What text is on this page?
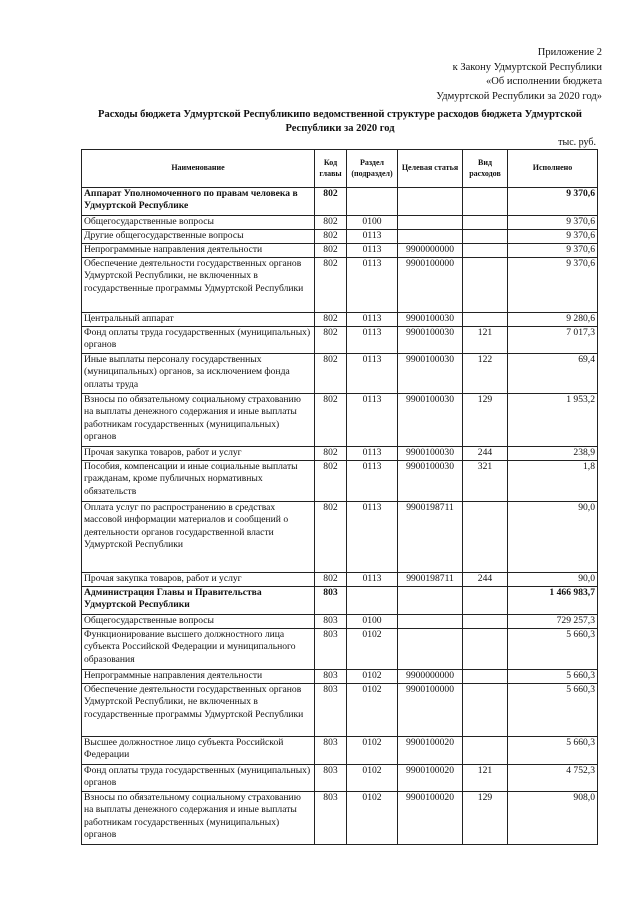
Приложение 2
к Закону Удмуртской Республики
«Об исполнении бюджета
Удмуртской Республики за 2020 год»
Расходы бюджета Удмуртской Республикипо ведомственной структуре расходов бюджета Удмуртской Республики за 2020 год
тыс. руб.
Наименование	Код главы	Раздел (подраздел)	Целевая статья	Вид расходов	Исполнено
Аппарат Уполномоченного по правам человека в Удмуртской Республике	802				9 370,6
Общегосударственные вопросы	802	0100			9 370,6
Другие общегосударственные вопросы	802	0113			9 370,6
Непрограммные направления деятельности	802	0113	9900000000		9 370,6
Обеспечение деятельности государственных органов Удмуртской Республики, не включенных в государственные программы Удмуртской Республики	802	0113	9900100000		9 370,6
Центральный аппарат	802	0113	9900100030		9 280,6
Фонд оплаты труда государственных (муниципальных) органов	802	0113	9900100030	121	7 017,3
Иные выплаты персоналу государственных (муниципальных) органов, за исключением фонда оплаты труда	802	0113	9900100030	122	69,4
Взносы по обязательному социальному страхованию на выплаты денежного содержания и иные выплаты работникам государственных (муниципальных) органов	802	0113	9900100030	129	1 953,2
Прочая закупка товаров, работ и услуг	802	0113	9900100030	244	238,9
Пособия, компенсации и иные социальные выплаты гражданам, кроме публичных нормативных обязательств	802	0113	9900100030	321	1,8
Оплата услуг по распространению в средствах массовой информации материалов и сообщений о деятельности органов государственной власти Удмуртской Республики	802	0113	9900198711		90,0
Прочая закупка товаров, работ и услуг	802	0113	9900198711	244	90,0
Администрация Главы и Правительства Удмуртской Республики	803				1 466 983,7
Общегосударственные вопросы	803	0100			729 257,3
Функционирование высшего должностного лица субъекта Российской Федерации и муниципального образования	803	0102			5 660,3
Непрограммные направления деятельности	803	0102	9900000000		5 660,3
Обеспечение деятельности государственных органов Удмуртской Республики, не включенных в государственные программы Удмуртской Республики	803	0102	9900100000		5 660,3
Высшее должностное лицо субъекта Российской Федерации	803	0102	9900100020		5 660,3
Фонд оплаты труда государственных (муниципальных) органов	803	0102	9900100020	121	4 752,3
Взносы по обязательному социальному страхованию на выплаты денежного содержания и иные выплаты работникам государственных (муниципальных) органов	803	0102	9900100020	129	908,0
